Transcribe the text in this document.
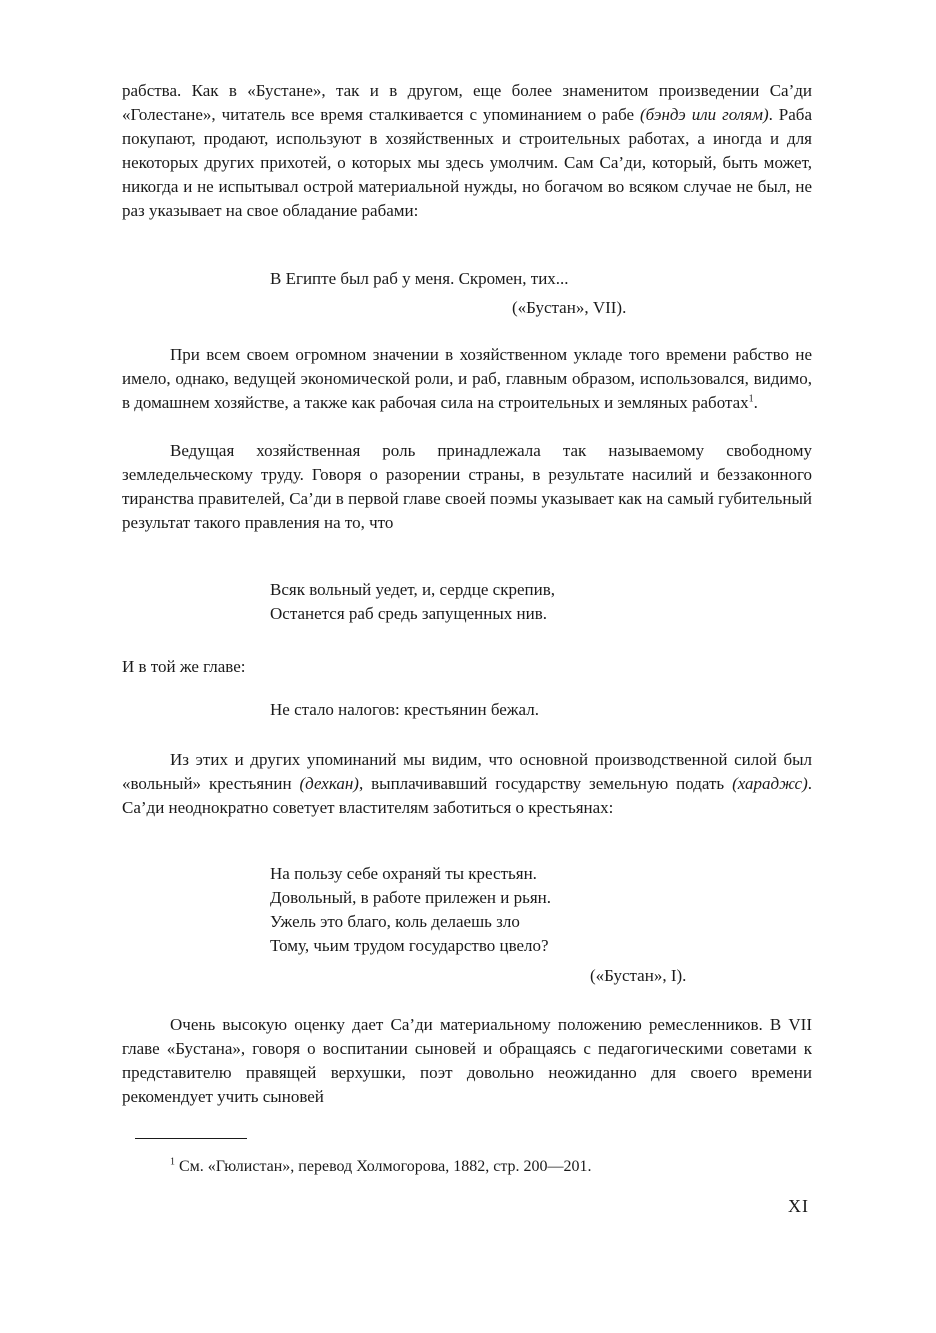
рабства. Как в «Бустане», так и в другом, еще более знаменитом произведении Са’ди «Голестане», читатель все время сталкивается с упоминанием о рабе (бэндэ или голям). Раба покупают, продают, используют в хозяйственных и строительных работах, а иногда и для некоторых других прихотей, о которых мы здесь умолчим. Сам Са’ди, который, быть может, никогда и не испытывал острой материальной нужды, но богачом во всяком случае не был, не раз указывает на свое обладание рабами:

В Египте был раб у меня. Скромен, тих...
(«Бустан», VII).

При всем своем огромном значении в хозяйственном укладе того времени рабство не имело, однако, ведущей экономической роли, и раб, главным образом, использовался, видимо, в домашнем хозяйстве, а также как рабочая сила на строительных и земляных работах$^1$.

Ведущая хозяйственная роль принадлежала так называемому свободному земледельческому труду. Говоря о разорении страны, в результате насилий и беззаконного тиранства правителей, Са’ди в первой главе своей поэмы указывает как на самый губительный результат такого правления на то, что

Всяк вольный уедет, и, сердце скрепив,
Останется раб средь запущенных нив.

И в той же главе:

Не стало налогов: крестьянин бежал.

Из этих и других упоминаний мы видим, что основной производственной силой был «вольный» крестьянин (дехкан), выплачивавший государству земельную подать (хараджс). Са’ди неоднократно советует властителям заботиться о крестьянах:

На пользу себе охраняй ты крестьян.
Довольный, в работе прилежен и рьян.
Ужель это благо, коль делаешь зло
Тому, чьим трудом государство цвело?
(«Бустан», I).

Очень высокую оценку дает Са’ди материальному положению ремесленников. В VII главе «Бустана», говоря о воспитании сыновей и обращаясь с педагогическими советами к представителю правящей верхушки, поэт довольно неожиданно для своего времени рекомендует учить сыновей

$^1$ См. «Гюлистан», перевод Холмогорова, 1882, стр. 200—201.
XI
